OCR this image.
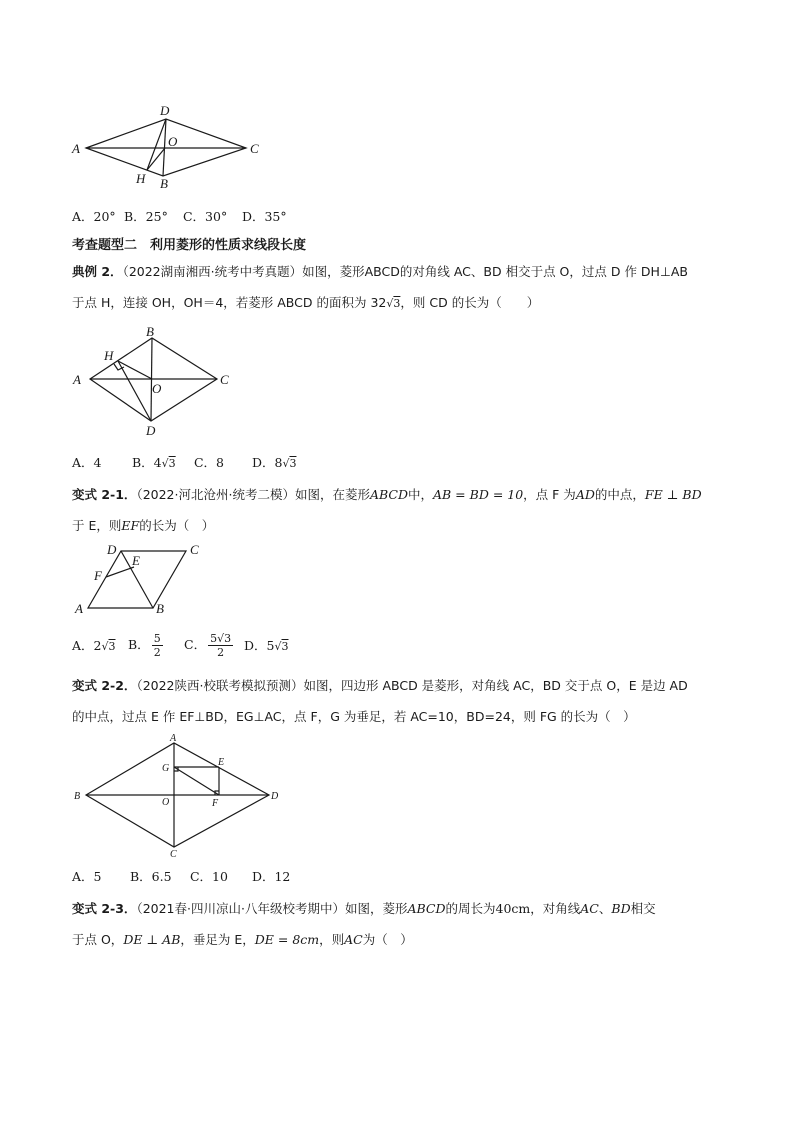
A
D
O	C
H B
A．20° B．25° C．30° D．35°
考查题型二　利用菱形的性质求线段长度
典例 2．（2022湖南湘西·统考中考真题）如图，菱形ABCD的对角线 AC、BD 相交于点 O，过点 D 作 DH⊥AB
于点 H，连接 OH，OH＝4，若菱形 ABCD 的面积为 32√3，则 CD 的长为（　　）
A
B
H
O
C
D
A．4 B．4√3 C．8 D．8√3
变式 2-1．（2022·河北沧州·统考二模）如图，在菱形ABCD中，AB = BD = 10，点 F 为AD的中点，FE ⊥ BD
于 E，则EF的长为（　）
D	C
E
F
A	B
A．2√3	B． $\frac{5}{2}$ C． $\frac{5√3}{2}$ D．5√3
变式 2-2．（2022陕西·校联考模拟预测）如图，四边形 ABCD 是菱形，对角线 AC，BD 交于点 O，E 是边 AD
的中点，过点 E 作 EF⊥BD，EG⊥AC，点 F，G 为垂足，若 AC=10，BD=24，则 FG 的长为（　）
A
G
E
B
O	F
D
C
A．5 B．6.5 C．10 D．12
变式 2-3．（2021春·四川凉山·八年级校考期中）如图，菱形ABCD的周长为40cm，对角线AC、BD相交
于点 O，DE ⊥ AB，垂足为 E，DE = 8cm，则AC为（　）
